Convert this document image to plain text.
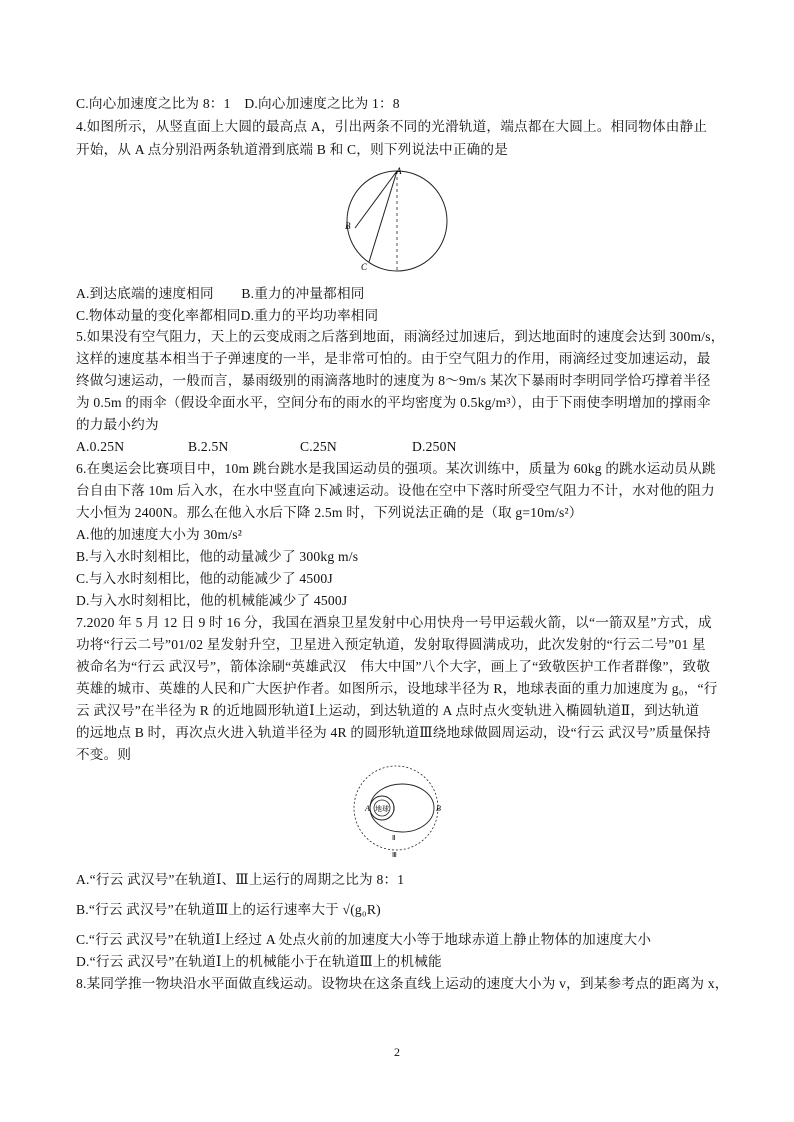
C.向心加速度之比为 8：1　D.向心加速度之比为 1：8
4.如图所示，从竖直面上大圆的最高点 A，引出两条不同的光滑轨道，端点都在大圆上。相同物体由静止
开始，从 A 点分别沿两条轨道滑到底端 B 和 C，则下列说法中正确的是
A
B
C
A.到达底端的速度相同　　B.重力的冲量都相同
C.物体动量的变化率都相同D.重力的平均功率相同
5.如果没有空气阻力，天上的云变成雨之后落到地面，雨滴经过加速后，到达地面时的速度会达到 300m/s，
这样的速度基本相当于子弹速度的一半，是非常可怕的。由于空气阻力的作用，雨滴经过变加速运动，最
终做匀速运动，一般而言，暴雨级别的雨滴落地时的速度为 8～9m/s 某次下暴雨时李明同学恰巧撑着半径
为 0.5m 的雨伞（假设伞面水平，空间分布的雨水的平均密度为 0.5kg/m³），由于下雨使李明增加的撑雨伞
的力最小约为
A.0.25N	B.2.5N	C.25N	D.250N
6.在奥运会比赛项目中，10m 跳台跳水是我国运动员的强项。某次训练中，质量为 60kg 的跳水运动员从跳
台自由下落 10m 后入水，在水中竖直向下减速运动。设他在空中下落时所受空气阻力不计，水对他的阻力
大小恒为 2400N。那么在他入水后下降 2.5m 时，下列说法正确的是（取 g=10m/s²）
A.他的加速度大小为 30m/s²
B.与入水时刻相比，他的动量减少了 300kg m/s
C.与入水时刻相比，他的动能减少了 4500J
D.与入水时刻相比，他的机械能减少了 4500J
7.2020 年 5 月 12 日 9 时 16 分，我国在酒泉卫星发射中心用快舟一号甲运载火箭，以“一箭双星”方式，成
功将“行云二号”01/02 星发射升空，卫星进入预定轨道，发射取得圆满成功，此次发射的“行云二号”01 星
被命名为“行云 武汉号”，箭体涂刷“英雄武汉　伟大中国”八个大字，画上了“致敬医护工作者群像”，致敬
英雄的城市、英雄的人民和广大医护作者。如图所示，设地球半径为 R，地球表面的重力加速度为 g₀，“行
云 武汉号”在半径为 R 的近地圆形轨道Ⅰ上运动，到达轨道的 A 点时点火变轨进入椭圆轨道Ⅱ，到达轨道
的远地点 B 时，再次点火进入轨道半径为 4R 的圆形轨道Ⅲ绕地球做圆周运动，设“行云 武汉号”质量保持
不变。则
地球 Ⅰ
Ⅱ
Ⅲ
A	B
A.“行云 武汉号”在轨道Ⅰ、Ⅲ上运行的周期之比为 8：1
B.“行云 武汉号”在轨道Ⅲ上的运行速率大于 √(g₀R)
C.“行云 武汉号”在轨道Ⅰ上经过 A 处点火前的加速度大小等于地球赤道上静止物体的加速度大小
D.“行云 武汉号”在轨道Ⅰ上的机械能小于在轨道Ⅲ上的机械能
8.某同学推一物块沿水平面做直线运动。设物块在这条直线上运动的速度大小为 v，到某参考点的距离为 x，
2
